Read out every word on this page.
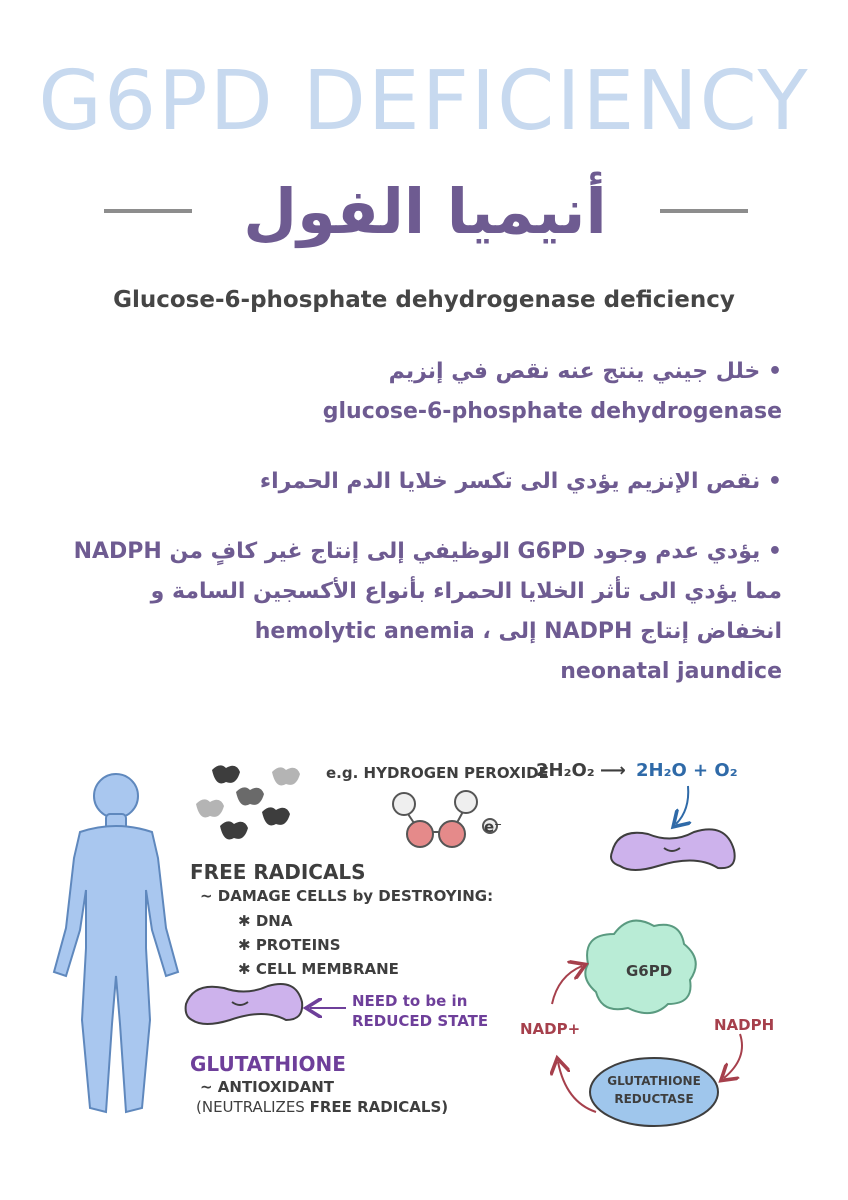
G6PD DEFICIENCY
أنيميا الفول
Glucose-6-phosphate dehydrogenase deficiency
• خلل جيني ينتج عنه نقص في إنزيم
glucose-6-phosphate dehydrogenase
• نقص الإنزيم يؤدي الى تكسر خلايا الدم الحمراء
• يؤدي عدم وجود G6PD الوظيفي إلى إنتاج غير كافٍ من NADPH مما يؤدي الى تأثر الخلايا الحمراء بأنواع الأكسجين السامة و انخفاض إنتاج NADPH إلى ، hemolytic anemia
neonatal jaundice
e.g. HYDROGEN PEROXIDE
2H₂O₂ ⟶ 2H₂O + O₂
e⁻
FREE RADICALS
~ DAMAGE CELLS by DESTROYING:
✱ DNA
✱ PROTEINS
✱ CELL MEMBRANE
NEED to be in
REDUCED STATE
GLUTATHIONE
~ ANTIOXIDANT
(NEUTRALIZES FREE RADICALS)
G6PD
NADP+	NADPH
GLUTATHIONE
REDUCTASE
